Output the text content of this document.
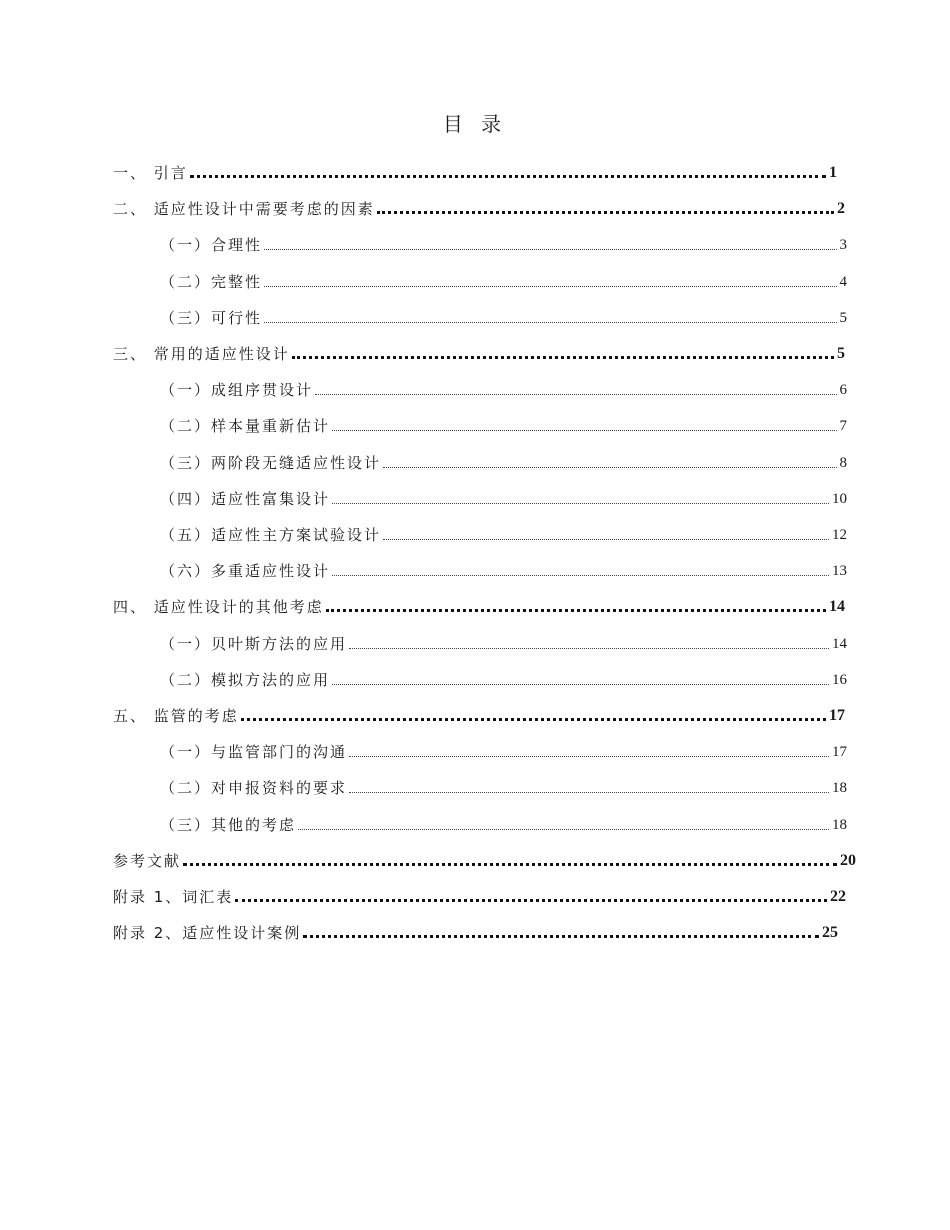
目 录
一、 引言	1
二、 适应性设计中需要考虑的因素	2
（一）合理性	3
（二）完整性	4
（三）可行性	5
三、 常用的适应性设计	5
（一）成组序贯设计	6
（二）样本量重新估计	7
（三）两阶段无缝适应性设计	8
（四）适应性富集设计	10
（五）适应性主方案试验设计	12
（六）多重适应性设计	13
四、 适应性设计的其他考虑	14
（一）贝叶斯方法的应用	14
（二）模拟方法的应用	16
五、 监管的考虑	17
（一）与监管部门的沟通	17
（二）对申报资料的要求	18
（三）其他的考虑	18
参考文献	20
附录 1、词汇表	22
附录 2、适应性设计案例	25
